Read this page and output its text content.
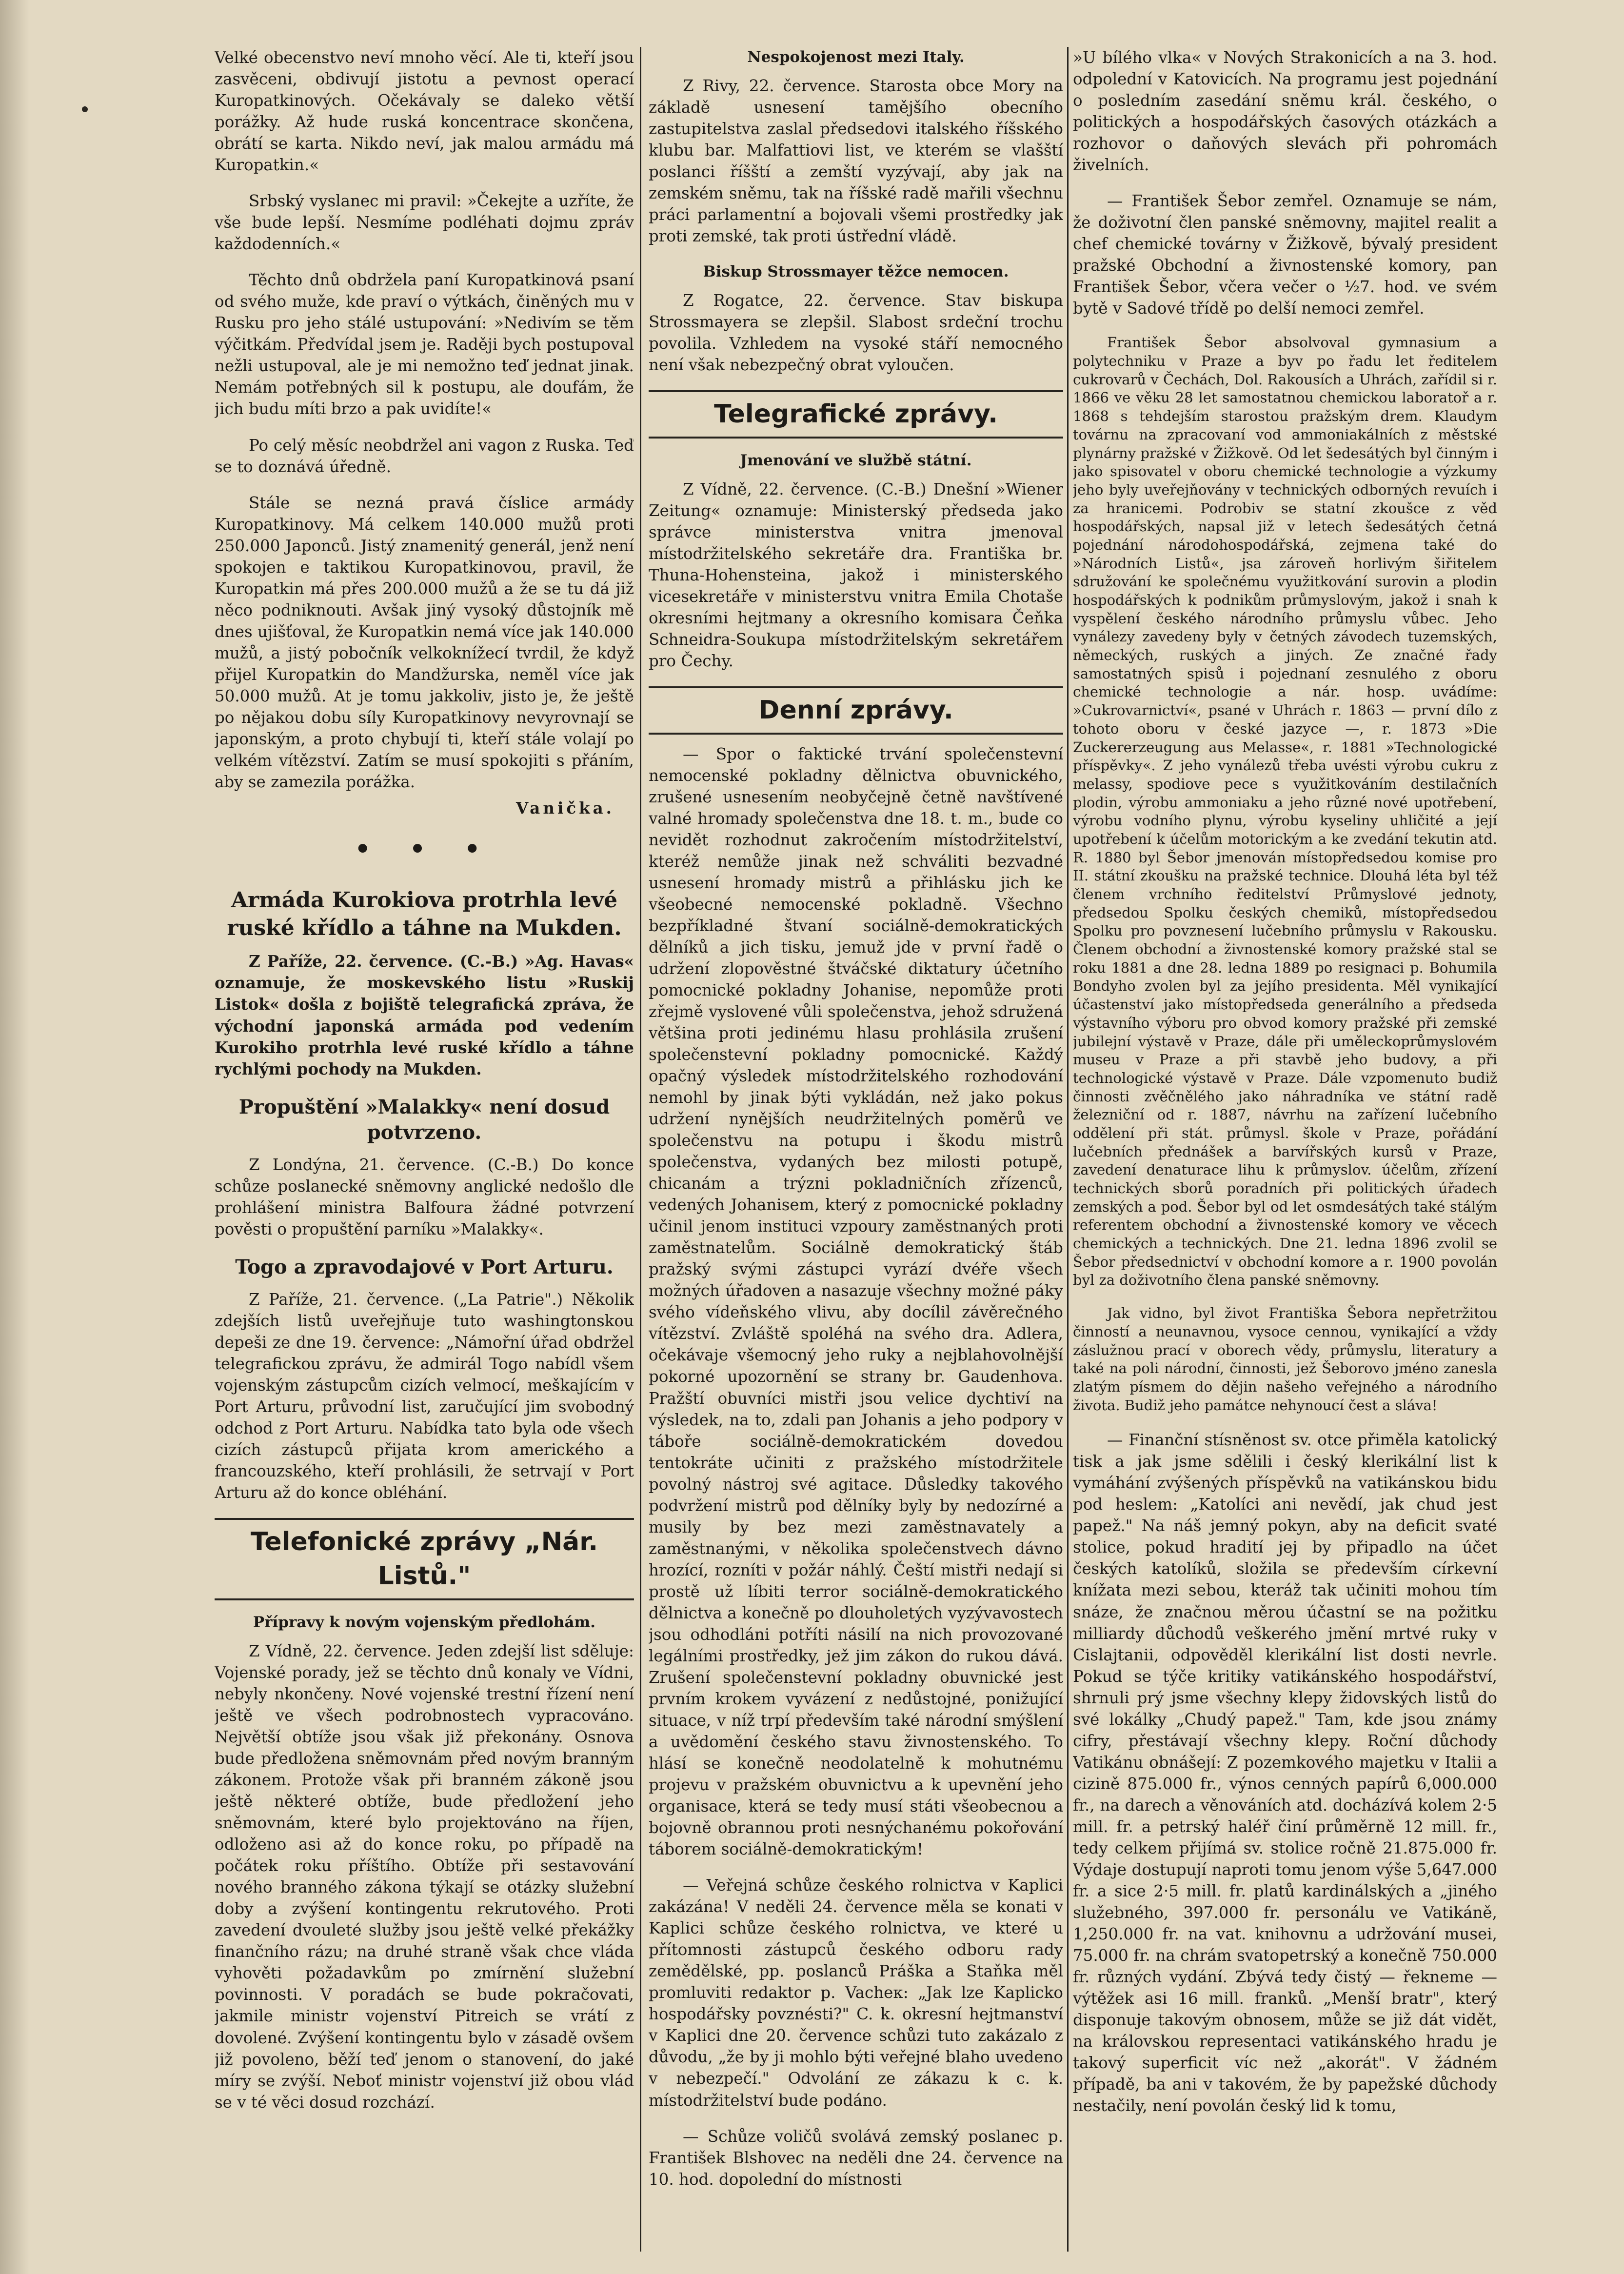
Velké obecenstvo neví mnoho věcí. Ale ti, kteří jsou zasvěceni, obdivují jistotu a pevnost operací Kuropatkinových. Očekávaly se daleko větší porážky. Až hude ruská koncentrace skončena, obrátí se karta. Nikdo neví, jak malou armádu má Kuropatkin.«

Srbský vyslanec mi pravil: »Čekejte a uzříte, že vše bude lepší. Nesmíme podléhati dojmu zpráv každodenních.«

Těchto dnů obdržela paní Kuropatkinová psaní od svého muže, kde praví o výtkách, činěných mu v Rusku pro jeho stálé ustupování: »Nedivím se těm výčitkám. Předvídal jsem je. Raději bych postupoval nežli ustupoval, ale je mi nemožno teď jednat jinak. Nemám potřebných sil k postupu, ale doufám, že jich budu míti brzo a pak uvidíte!«

Po celý měsíc neobdržel ani vagon z Ruska. Teď se to doznává úředně.

Stále se nezná pravá číslice armády Kuropatkinovy. Má celkem 140.000 mužů proti 250.000 Japonců. Jistý znamenitý generál, jenž není spokojen e taktikou Kuropatkinovou, pravil, že Kuropatkin má přes 200.000 mužů a že se tu dá již něco podniknouti. Avšak jiný vysoký důstojník mě dnes ujišťoval, že Kuropatkin nemá více jak 140.000 mužů, a jistý pobočník velkoknížecí tvrdil, že když přijel Kuropatkin do Mandžurska, neměl více jak 50.000 mužů. At je tomu jakkoliv, jisto je, že ještě po nějakou dobu síly Kuropatkinovy nevyrovnají se japonským, a proto chybují ti, kteří stále volají po velkém vítězství. Zatím se musí spokojiti s přáním, aby se zamezila porážka.

Vanička.
• • •
Armáda Kurokiova protrhla levé ruské křídlo a táhne na Mukden.

Z Paříže, 22. července. (C.-B.) »Ag. Havas« oznamuje, že moskevského listu »Ruskij Listok« došla z bojiště telegrafická zpráva, že východní japonská armáda pod vedením Kurokiho protrhla levé ruské křídlo a táhne rychlými pochody na Mukden.

Propuštění »Malakky« není dosud potvrzeno.

Z Londýna, 21. července. (C.-B.) Do konce schůze poslanecké sněmovny anglické nedošlo dle prohlášení ministra Balfoura žádné potvrzení pověsti o propuštění parníku »Malakky«.

Togo a zpravodajové v Port Arturu.

Z Paříže, 21. července. („La Patrie".) Několik zdejších listů uveřejňuje tuto washingtonskou depeši ze dne 19. července: „Námořní úřad obdržel telegrafickou zprávu, že admirál Togo nabídl všem vojenským zástupcům cizích velmocí, meškajícím v Port Arturu, průvodní list, zaručující jim svobodný odchod z Port Arturu. Nabídka tato byla ode všech cizích zástupců přijata krom amerického a francouzského, kteří prohlásili, že setrvají v Port Arturu až do konce obléhání.

Telefonické zprávy „Nár. Listů."
Přípravy k novým vojenským předlohám.

Z Vídně, 22. července. Jeden zdejší list sděluje: Vojenské porady, jež se těchto dnů konaly ve Vídni, nebyly nkončeny. Nové vojenské trestní řízení není ještě ve všech podrobnostech vypracováno. Největší obtíže jsou však již překonány. Osnova bude předložena sněmovnám před novým branným zákonem. Protože však při branném zákoně jsou ještě některé obtíže, bude předložení jeho sněmovnám, které bylo projektováno na říjen, odloženo asi až do konce roku, po případě na počátek roku příštího. Obtíže při sestavování nového branného zákona týkají se otázky služební doby a zvýšení kontingentu rekrutového. Proti zavedení dvouleté služby jsou ještě velké překážky finančního rázu; na druhé straně však chce vláda vyhověti požadavkům po zmírnění služební povinnosti. V poradách se bude pokračovati, jakmile ministr vojenství Pitreich se vrátí z dovolené. Zvýšení kontingentu bylo v zásadě ovšem již povoleno, běží teď jenom o stanovení, do jaké míry se zvýší. Neboť ministr vojenství již obou vlád se v té věci dosud rozchází.

Nespokojenost mezi Italy.

Z Rivy, 22. července. Starosta obce Mory na základě usnesení tamějšího obecního zastupitelstva zaslal předsedovi italského říšského klubu bar. Malfattiovi list, ve kterém se vlašští poslanci říšští a zemští vyzývají, aby jak na zemském sněmu, tak na říšské radě mařili všechnu práci parlamentní a bojovali všemi prostředky jak proti zemské, tak proti ústřední vládě.

Biskup Strossmayer těžce nemocen.

Z Rogatce, 22. července. Stav biskupa Strossmayera se zlepšil. Slabost srdeční trochu povolila. Vzhledem na vysoké stáří nemocného není však nebezpečný obrat vyloučen.

Telegrafické zprávy.
Jmenování ve službě státní.

Z Vídně, 22. července. (C.-B.) Dnešní »Wiener Zeitung« oznamuje: Ministerský předseda jako správce ministerstva vnitra jmenoval místodržitelského sekretáře dra. Františka br. Thuna-Hohensteina, jakož i ministerského vicesekretáře v ministerstvu vnitra Emila Chotaše okresními hejtmany a okresního komisara Čeňka Schneidra-Soukupa místodržitelským sekretářem pro Čechy.

Denní zprávy.

— Spor o faktické trvání společenstevní nemocenské pokladny dělnictva obuvnického, zrušené usnesením neobyčejně četně navštívené valné hromady společenstva dne 18. t. m., bude co nevidět rozhodnut zakročením místodržitelství, kteréž nemůže jinak než schváliti bezvadné usnesení hromady mistrů a přihlásku jich ke všeobecné nemocenské pokladně. Všechno bezpříkladné štvaní sociálně-demokratických dělníků a jich tisku, jemuž jde v první řadě o udržení zlopověstné štváčské diktatury účetního pomocnické pokladny Johanise, nepomůže proti zřejmě vyslovené vůli společenstva, jehož sdružená většina proti jedinému hlasu prohlásila zrušení společenstevní pokladny pomocnické. Každý opačný výsledek místodržitelského rozhodování nemohl by jinak býti vykládán, než jako pokus udržení nynějších neudržitelných poměrů ve společenstvu na potupu i škodu mistrů společenstva, vydaných bez milosti potupě, chicanám a trýzni pokladničních zřízenců, vedených Johanisem, který z pomocnické pokladny učinil jenom instituci vzpoury zaměstnaných proti zaměstnatelům. Sociálně demokratický štáb pražský svými zástupci vyrází dvéře všech možných úřadoven a nasazuje všechny možné páky svého vídeňského vlivu, aby docílil závěrečného vítězství. Zvláště spoléhá na svého dra. Adlera, očekávaje všemocný jeho ruky a nejblahovolnější pokorné upozornění se strany br. Gaudenhova. Pražští obuvníci mistři jsou velice dychtiví na výsledek, na to, zdali pan Johanis a jeho podpory v táboře sociálně-demokratickém dovedou tentokráte učiniti z pražského místodržitele povolný nástroj své agitace. Důsledky takového podvržení mistrů pod dělníky byly by nedozírné a musily by bez mezi zaměstnavately a zaměstnanými, v několika společenstvech dávno hrozící, rozníti v požár náhlý. Čeští mistři nedají si prostě už líbiti terror sociálně-demokratického dělnictva a konečně po dlouholetých vyzývavostech jsou odhodláni potříti násilí na nich provozované legálními prostředky, jež jim zákon do rukou dává. Zrušení společenstevní pokladny obuvnické jest prvním krokem vyvázení z nedůstojné, ponižující situace, v níž trpí především také národní smýšlení a uvědomění českého stavu živnostenského. To hlásí se konečně neodolatelně k mohutnému projevu v pražském obuvnictvu a k upevnění jeho organisace, která se tedy musí státi všeobecnou a bojovně obrannou proti nesnýchanému pokořování táborem sociálně-demokratickým!

— Veřejná schůze českého rolnictva v Kaplici zakázána! V neděli 24. července měla se konati v Kaplici schůze českého rolnictva, ve které u přítomnosti zástupců českého odboru rady zemědělské, pp. poslanců Práška a Staňka měl promluviti redaktor p. Vacheк: „Jak lze Kaplicko hospodářsky povznésti?" C. k. okresní hejtmanství v Kaplici dne 20. července schůzi tuto zakázalo z důvodu, „že by ji mohlo býti veřejné blaho uvedeno v nebezpečí." Odvolání ze zákazu k c. k. místodržitelství bude podáno.

— Schůze voličů svolává zemský poslanec p. František Blshovec na neděli dne 24. července na 10. hod. dopolední do místnosti

»U bílého vlka« v Nových Strakonicích a na 3. hod. odpolední v Katovicích. Na programu jest pojednání o posledním zasedání sněmu král. českého, o politických a hospodářských časových otázkách a rozhovor o daňových slevách při pohromách živelních.

— František Šebor zemřel. Oznamuje se nám, že doživotní člen panské sněmovny, majitel realit a chef chemické továrny v Žižkově, bývalý president pražské Obchodní a živnostenské komory, pan František Šebor, včera večer o ½7. hod. ve svém bytě v Sadové třídě po delší nemoci zemřel.

František Šebor absolvoval gymnasium a polytechniku v Praze a byv po řadu let ředitelem cukrovarů v Čechách, Dol. Rakousích a Uhrách, zařídil si r. 1866 ve věku 28 let samostatnou chemickou laboratoř a r. 1868 s tehdejším starostou pražským drem. Klaudym továrnu na zpracovaní vod ammoniakálních z městské plynárny pražské v Žižkově. Od let šedesátých byl činným i jako spisovatel v oboru chemické technologie a výzkumy jeho byly uveřejňovány v technických odborných revuích i za hranicemi. Podrobiv se statní zkoušce z věd hospodářských, napsal již v letech šedesátých četná pojednání národohospodářská, zejmena také do »Národních Listů«, jsa zároveň horlivým šiřitelem sdružování ke společnému využitkování surovin a plodin hospodářských k podnikům průmyslovým, jakož i snah k vyspělení českého národního průmyslu vůbec. Jeho vynálezy zavedeny byly v četných závodech tuzemských, německých, ruských a jiných. Ze značné řady samostatných spisů i pojednaní zesnulého z oboru chemické technologie a nár. hosp. uvádíme: »Cukrovarnictví«, psané v Uhrách r. 1863 — první dílo z tohoto oboru v české jazyce —, r. 1873 »Die Zuckererzeugung aus Melasse«, r. 1881 »Technologické příspěvky«. Z jeho vynálezů třeba uvésti výrobu cukru z melassy, spodiove pece s využitkováním destilačních plodin, výrobu ammoniaku a jeho různé nové upotřebení, výrobu vodního plynu, výrobu kyseliny uhličité a její upotřebení k účelům motorickým a ke zvedání tekutin atd. R. 1880 byl Šebor jmenován místopředsedou komise pro II. státní zkoušku na pražské technice. Dlouhá léta byl též členem vrchního ředitelství Průmyslové jednoty, předsedou Spolku českých chemiků, místopředsedou Spolku pro povznesení lučebního průmyslu v Rakousku. Členem obchodní a živnostenské komory pražské stal se roku 1881 a dne 28. ledna 1889 po resignaci p. Bohumila Bondyho zvolen byl za jejího presidenta. Měl vynikající účastenství jako místopředseda generálního a předseda výstavního výboru pro obvod komory pražské při zemské jubilejní výstavě v Praze, dále při uměleckoprůmyslovém museu v Praze a při stavbě jeho budovy, a při technologické výstavě v Praze. Dále vzpomenuto budiž činnosti zvěčnělého jako náhradníka ve státní radě železniční od r. 1887, návrhu na zařízení lučebního oddělení při stát. průmysl. škole v Praze, pořádání lučebních přednášek a barvířských kursů v Praze, zavedení denaturace lihu k průmyslov. účelům, zřízení technických sborů poradních při politických úřadech zemských a pod. Šebor byl od let osmdesátých také stálým referentem obchodní a živnostenské komory ve věcech chemických a technických. Dne 21. ledna 1896 zvolil se Šebor předsednictví v obchodní komore a r. 1900 povolán byl za doživotního člena panské sněmovny.

Jak vidno, byl život Františka Šebora nepřetržitou činností a neunavnou, vysoce cennou, vynikající a vždy záslužnou prací v oborech vědy, průmyslu, literatury a také na poli národní, činnosti, jež Šeborovo jméno zanesla zlatým písmem do dějin našeho veřejného a národního života. Budiž jeho památce nehynoucí čest a sláva!

— Finanční stísněnost sv. otce přiměla katolický tisk a jak jsme sdělili i český klerikální list k vymáhání zvýšených příspěvků na vatikánskou bidu pod heslem: „Katolíci ani nevědí, jak chud jest papež." Na náš jemný pokyn, aby na deficit svaté stolice, pokud hradití jej by připadlo na účet českých katolíků, složila se především církevní knížata mezi sebou, kteráž tak učiniti mohou tím snáze, že značnou měrou účastní se na požitku milliardy důchodů veškerého jmění mrtvé ruky v Cislajtanii, odpověděl klerikální list dosti nevrle. Pokud se týče kritiky vatikánského hospodářství, shrnuli prý jsme všechny klepy židovských listů do své lokálky „Chudý papež." Tam, kde jsou známy cifry, přestávají všechny klepy. Roční důchody Vatikánu obnášejí: Z pozemkového majetku v Italii a cizině 875.000 fr., výnos cenných papírů 6,000.000 fr., na darech a věnováních atd. docházívá kolem 2·5 mill. fr. a petrský haléř činí průměrně 12 mill. fr., tedy celkem přijímá sv. stolice ročně 21.875.000 fr. Výdaje dostupují naproti tomu jenom výše 5,647.000 fr. a sice 2·5 mill. fr. platů kardinálských a „jiného služebného, 397.000 fr. personálu ve Vatikáně, 1,250.000 fr. na vat. knihovnu a udržování musei, 75.000 fr. na chrám svatopetrský a konečně 750.000 fr. různých vydání. Zbývá tedy čistý — řekneme — výtěžek asi 16 mill. franků. „Menší bratr", který disponuje takovým obnosem, může se již dát vidět, na královskou representaci vatikánského hradu je takový superficit víc než „akorát". V žádném případě, ba ani v takovém, že by papežské důchody nestačily, není povolán český lid k tomu,
